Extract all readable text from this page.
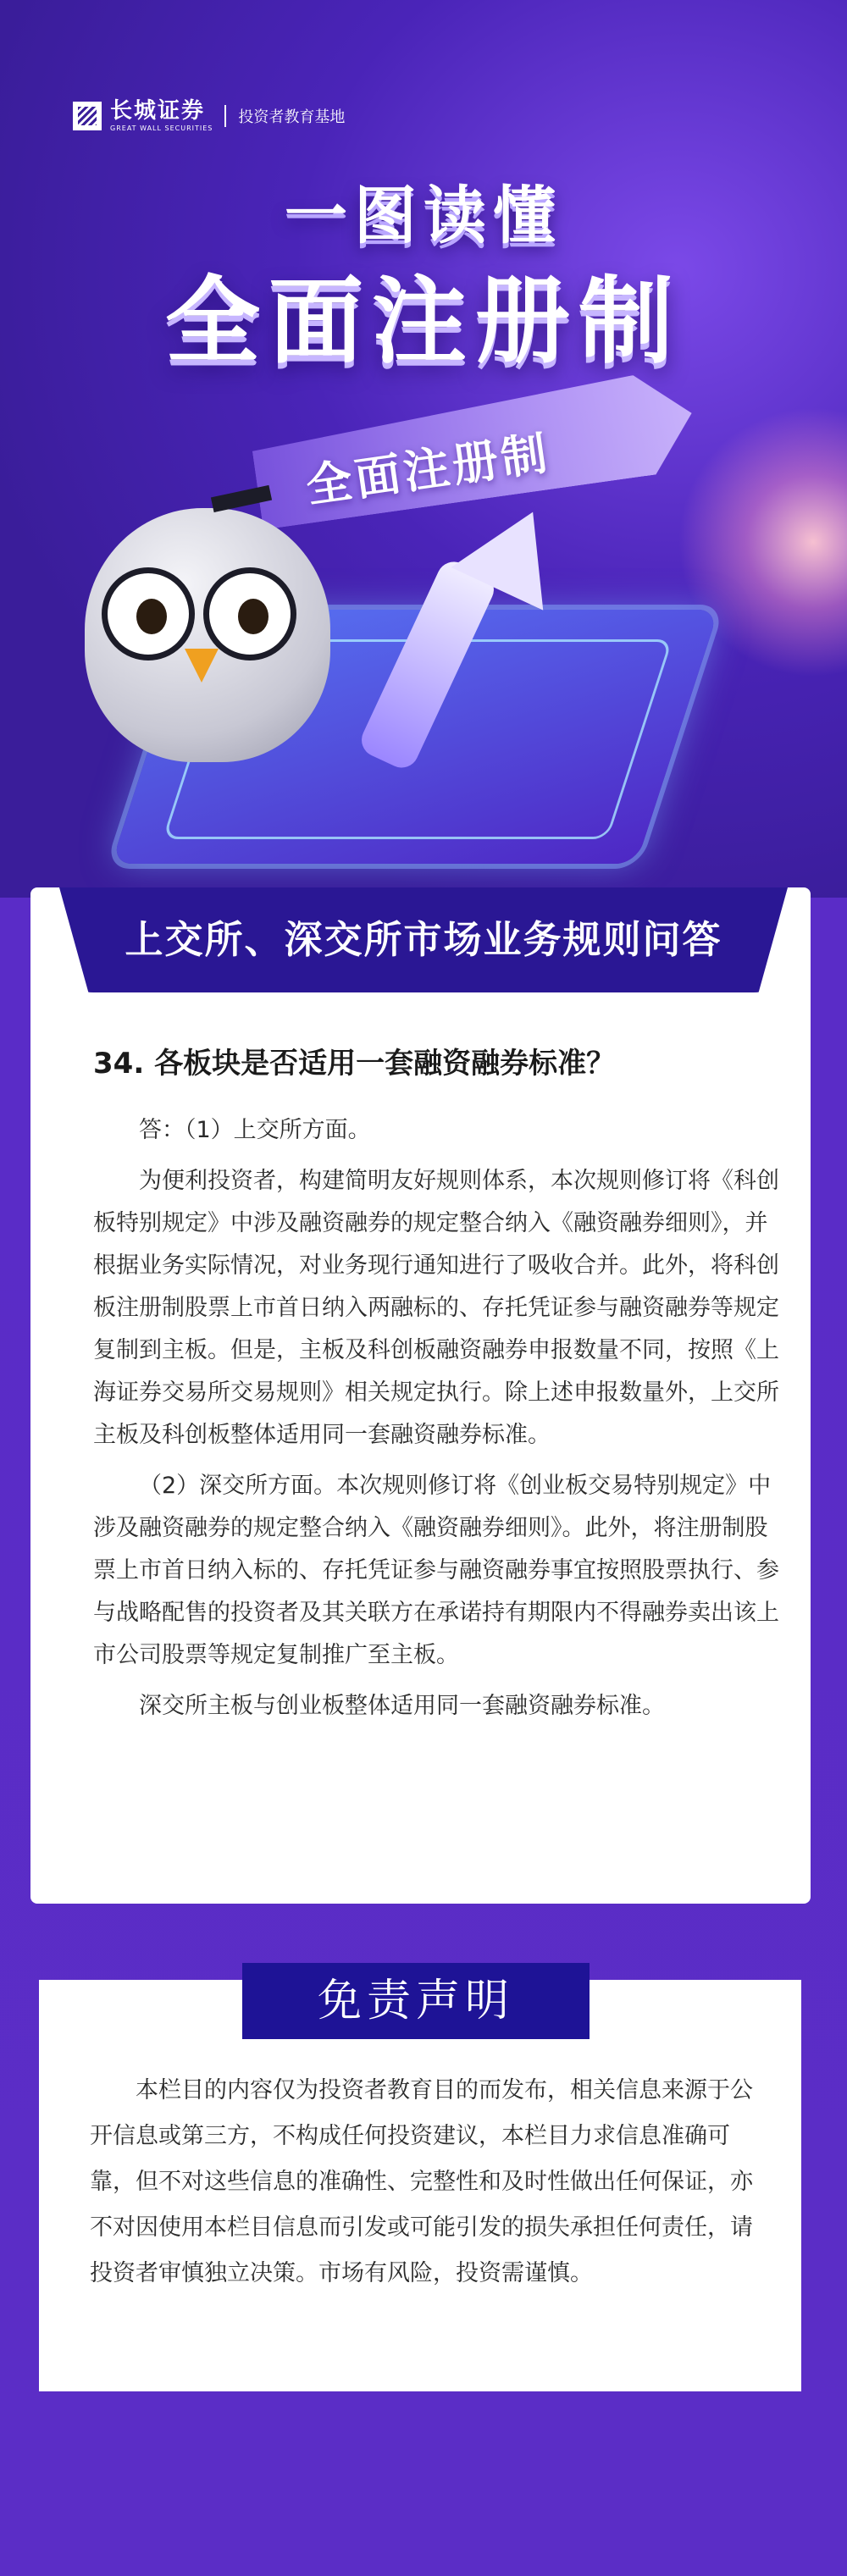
长城证券
GREAT WALL SECURITIES
投资者教育基地
一图读懂
全面注册制
全面注册制
上交所、深交所市场业务规则问答
34. 各板块是否适用一套融资融券标准？

答：（1）上交所方面。

为便利投资者，构建简明友好规则体系，本次规则修订将《科创板特别规定》中涉及融资融券的规定整合纳入《融资融券细则》，并根据业务实际情况，对业务现行通知进行了吸收合并。此外，将科创板注册制股票上市首日纳入两融标的、存托凭证参与融资融券等规定复制到主板。但是，主板及科创板融资融券申报数量不同，按照《上海证券交易所交易规则》相关规定执行。除上述申报数量外，上交所主板及科创板整体适用同一套融资融券标准。

（2）深交所方面。本次规则修订将《创业板交易特别规定》中涉及融资融券的规定整合纳入《融资融券细则》。此外，将注册制股票上市首日纳入标的、存托凭证参与融资融券事宜按照股票执行、参与战略配售的投资者及其关联方在承诺持有期限内不得融券卖出该上市公司股票等规定复制推广至主板。

深交所主板与创业板整体适用同一套融资融券标准。

免责声明

本栏目的内容仅为投资者教育目的而发布，相关信息来源于公开信息或第三方，不构成任何投资建议，本栏目力求信息准确可靠，但不对这些信息的准确性、完整性和及时性做出任何保证，亦不对因使用本栏目信息而引发或可能引发的损失承担任何责任，请投资者审慎独立决策。市场有风险，投资需谨慎。
